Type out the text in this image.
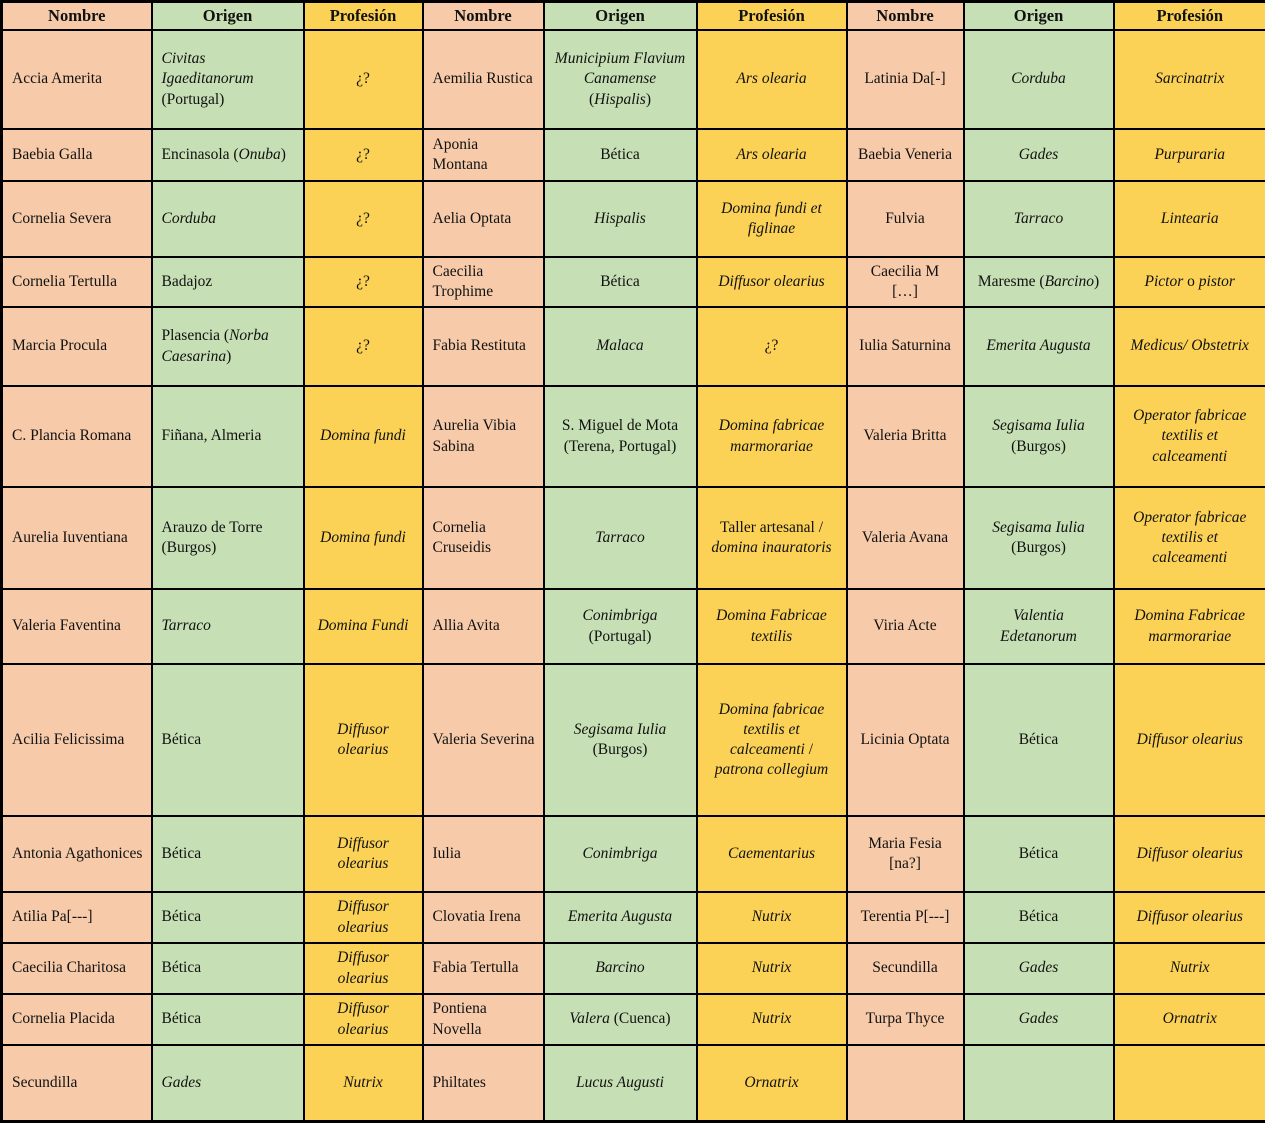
Nombre	Origen	Profesión	Nombre	Origen	Profesión	Nombre	Origen	Profesión
Accia Amerita	Civitas Igaeditanorum (Portugal)	¿?	Aemilia Rustica	Municipium Flavium Canamense (Hispalis)	Ars olearia	Latinia Da[-]	Corduba	Sarcinatrix
Baebia Galla	Encinasola (Onuba)	¿?	Aponia Montana	Bética	Ars olearia	Baebia Veneria	Gades	Purpuraria
Cornelia Severa	Corduba	¿?	Aelia Optata	Hispalis	Domina fundi et figlinae	Fulvia	Tarraco	Lintearia
Cornelia Tertulla	Badajoz	¿?	Caecilia Trophime	Bética	Diffusor olearius	Caecilia M […]	Maresme (Barcino)	Pictor o pistor
Marcia Procula	Plasencia (Norba Caesarina)	¿?	Fabia Restituta	Malaca	¿?	Iulia Saturnina	Emerita Augusta	Medicus/ Obstetrix
C. Plancia Romana	Fiñana, Almeria	Domina fundi	Aurelia Vibia Sabina	S. Miguel de Mota (Terena, Portugal)	Domina fabricae marmorariae	Valeria Britta	Segisama Iulia (Burgos)	Operator fabricae textilis et calceamenti
Aurelia Iuventiana	Arauzo de Torre (Burgos)	Domina fundi	Cornelia Cruseidis	Tarraco	Taller artesanal / domina inauratoris	Valeria Avana	Segisama Iulia (Burgos)	Operator fabricae textilis et calceamenti
Valeria Faventina	Tarraco	Domina Fundi	Allia Avita	Conimbriga (Portugal)	Domina Fabricae textilis	Viria Acte	Valentia Edetanorum	Domina Fabricae marmorariae
Acilia Felicissima	Bética	Diffusor olearius	Valeria Severina	Segisama Iulia (Burgos)	Domina fabricae textilis et calceamenti / patrona collegium	Licinia Optata	Bética	Diffusor olearius
Antonia Agathonices	Bética	Diffusor olearius	Iulia	Conimbriga	Caementarius	Maria Fesia [na?]	Bética	Diffusor olearius
Atilia Pa[---]	Bética	Diffusor olearius	Clovatia Irena	Emerita Augusta	Nutrix	Terentia P[---]	Bética	Diffusor olearius
Caecilia Charitosa	Bética	Diffusor olearius	Fabia Tertulla	Barcino	Nutrix	Secundilla	Gades	Nutrix
Cornelia Placida	Bética	Diffusor olearius	Pontiena Novella	Valera (Cuenca)	Nutrix	Turpa Thyce	Gades	Ornatrix
Secundilla	Gades	Nutrix	Philtates	Lucus Augusti	Ornatrix			
